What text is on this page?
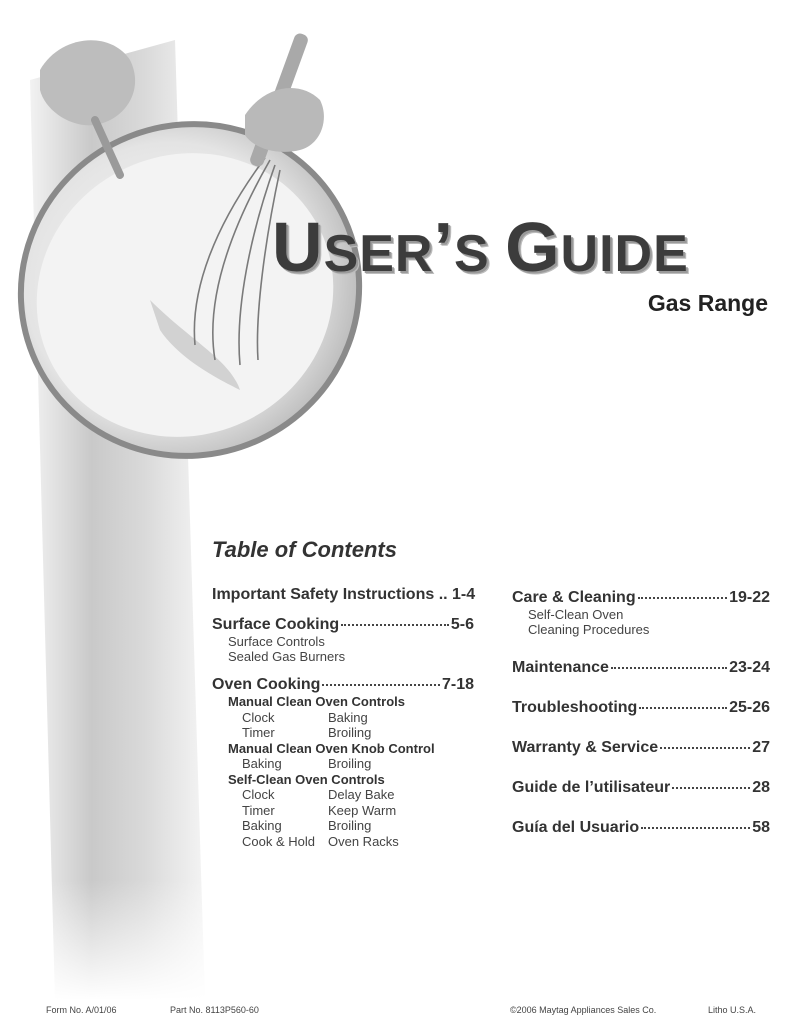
USER’S GUIDE
Gas Range
Table of Contents
Important Safety Instructions .. 1-4
Surface Cooking	5-6
Surface Controls
Sealed Gas Burners
Oven Cooking	7-18
Manual Clean Oven Controls
Clock	Baking
Timer	Broiling
Manual Clean Oven Knob Control
Baking	Broiling
Self-Clean Oven Controls
Clock	Delay Bake
Timer	Keep Warm
Baking	Broiling
Cook & Hold	Oven Racks
Care & Cleaning	19-22
Self-Clean Oven
Cleaning Procedures
Maintenance	23-24
Troubleshooting	25-26
Warranty & Service	27
Guide de l’utilisateur	28
Guía del Usuario	58
Form No. A/01/06	Part No. 8113P560-60	©2006 Maytag Appliances Sales Co.	Litho U.S.A.
